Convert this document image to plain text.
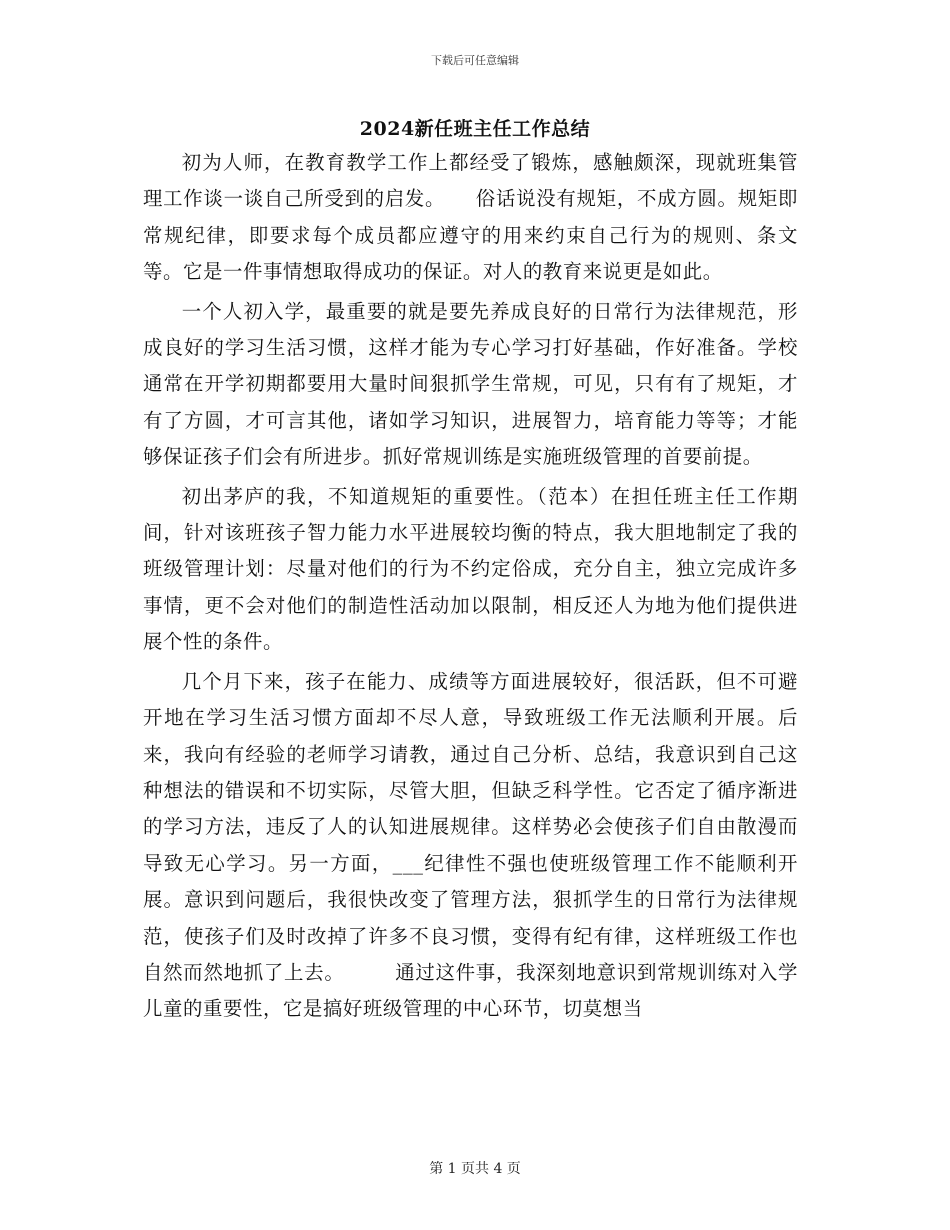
下载后可任意编辑
2024新任班主任工作总结

初为人师，在教育教学工作上都经受了锻炼，感触颇深，现就班集管理工作谈一谈自己所受到的启发。　　俗话说没有规矩，不成方圆。规矩即常规纪律，即要求每个成员都应遵守的用来约束自己行为的规则、条文等。它是一件事情想取得成功的保证。对人的教育来说更是如此。

一个人初入学，最重要的就是要先养成良好的日常行为法律规范，形成良好的学习生活习惯，这样才能为专心学习打好基础，作好准备。学校通常在开学初期都要用大量时间狠抓学生常规，可见，只有有了规矩，才有了方圆，才可言其他，诸如学习知识，进展智力，培育能力等等；才能够保证孩子们会有所进步。抓好常规训练是实施班级管理的首要前提。

初出茅庐的我，不知道规矩的重要性。（范本）在担任班主任工作期间，针对该班孩子智力能力水平进展较均衡的特点，我大胆地制定了我的班级管理计划：尽量对他们的行为不约定俗成，充分自主，独立完成许多事情，更不会对他们的制造性活动加以限制，相反还人为地为他们提供进展个性的条件。

几个月下来，孩子在能力、成绩等方面进展较好，很活跃，但不可避开地在学习生活习惯方面却不尽人意，导致班级工作无法顺利开展。后来，我向有经验的老师学习请教，通过自己分析、总结，我意识到自己这种想法的错误和不切实际，尽管大胆，但缺乏科学性。它否定了循序渐进的学习方法，违反了人的认知进展规律。这样势必会使孩子们自由散漫而导致无心学习。另一方面，___纪律性不强也使班级管理工作不能顺利开展。意识到问题后，我很快改变了管理方法，狠抓学生的日常行为法律规范，使孩子们及时改掉了许多不良习惯，变得有纪有律，这样班级工作也自然而然地抓了上去。　　　通过这件事，我深刻地意识到常规训练对入学儿童的重要性，它是搞好班级管理的中心环节，切莫想当

第 1 页共 4 页
